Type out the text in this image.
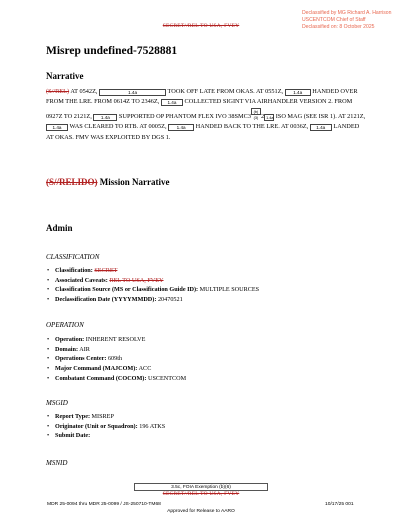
SECRET//REL TO USA, FVEY
Declassified by MG Richard A. Harrison
USCENTCOM Chief of Staff
Declassified on: 8 October 2025
Misrep undefined-7528881
Narrative

(S//REL) AT 0542Z,	1.4a	TOOK OFF LATE FROM OKAS. AT 0551Z, 1.4a HANDED OVER FROM THE LRE. FROM 0614Z TO 2346Z, 1.4a COLLECTED SIGINT VIA AIRHANDLER VERSION 2. FROM 0927Z TO 2121Z, 1.4a SUPPORTED OP PHANTOM FLEX IVO 38SMC3(b)(3) 2 1.4a ISO MAG (SEE ISR 1). AT 2121Z, 1.4a WAS CLEARED TO RTB. AT 0005Z, 1.4a HANDED BACK TO THE LRE. AT 0036Z, 1.4a LANDED AT OKAS. FMV WAS EXPLOITED BY DGS 1.

(S//RELIDO) Mission Narrative
Admin
CLASSIFICATION
• Classification: SECRET
• Associated Caveats: REL TO USA, FVEY
• Classification Source (MS or Classification Guide ID): MULTIPLE SOURCES
• Declassification Date (YYYYMMDD): 20470521
OPERATION
• Operation: INHERENT RESOLVE
• Domain: AIR
• Operations Center: 609th
• Major Command (MAJCOM): ACC
• Combatant Command (COCOM): USCENTCOM
MSGID
• Report Type: MISREP
• Originator (Unit or Squadron): 196 ATKS
• Submit Date:
MSNID
3.5c, FOIA Exemption (b)(6)
SECRET//REL TO USA, FVEY
MDR 25-0094 thru MDR 25-0099 / JS-250710-TM68	10/17/25 001
Approved for Release to AARO
